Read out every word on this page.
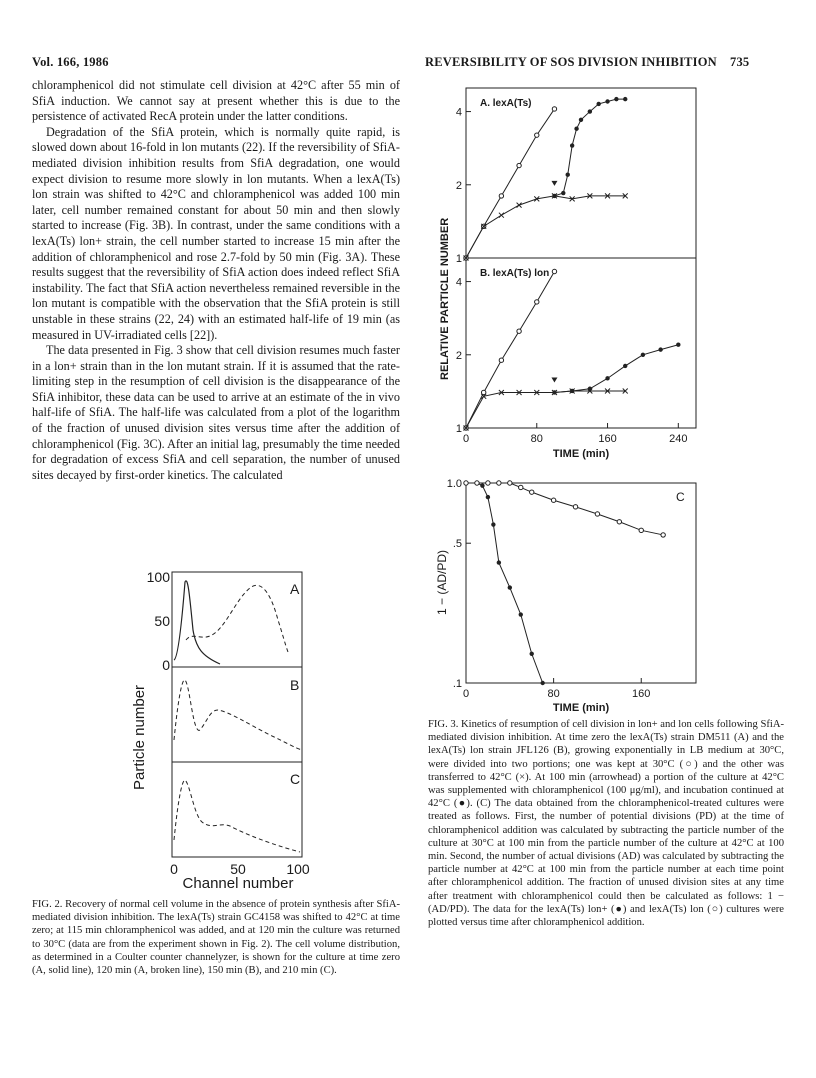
Vol. 166, 1986	REVERSIBILITY OF SOS DIVISION INHIBITION 735

chloramphenicol did not stimulate cell division at 42°C after 55 min of SfiA induction. We cannot say at present whether this is due to the persistence of activated RecA protein under the latter conditions.

Degradation of the SfiA protein, which is normally quite rapid, is slowed down about 16-fold in lon mutants (22). If the reversibility of SfiA-mediated division inhibition results from SfiA degradation, one would expect division to resume more slowly in lon mutants. When a lexA(Ts) lon strain was shifted to 42°C and chloramphenicol was added 100 min later, cell number remained constant for about 50 min and then slowly started to increase (Fig. 3B). In contrast, under the same conditions with a lexA(Ts) lon+ strain, the cell number started to increase 15 min after the addition of chloramphenicol and rose 2.7-fold by 50 min (Fig. 3A). These results suggest that the reversibility of SfiA action does indeed reflect SfiA instability. The fact that SfiA action nevertheless remained reversible in the lon mutant is compatible with the observation that the SfiA protein is still unstable in these strains (22, 24) with an estimated half-life of 19 min (as measured in UV-irradiated cells [22]).

The data presented in Fig. 3 show that cell division resumes much faster in a lon+ strain than in the lon mutant strain. If it is assumed that the rate-limiting step in the resumption of cell division is the disappearance of the SfiA inhibitor, these data can be used to arrive at an estimate of the in vivo half-life of SfiA. The half-life was calculated from a plot of the logarithm of the fraction of unused division sites versus time after the addition of chloramphenicol (Fig. 3C). After an initial lag, presumably the time needed for degradation of excess SfiA and cell separation, the number of unused sites decayed by first-order kinetics. The calculated

Particle number
100
50
0
A
B
C
0	50	100
Channel number
FIG. 2. Recovery of normal cell volume in the absence of protein synthesis after SfiA-mediated division inhibition. The lexA(Ts) strain GC4158 was shifted to 42°C at time zero; at 115 min chloramphenicol was added, and at 120 min the culture was returned to 30°C (data are from the experiment shown in Fig. 2). The cell volume distribution, as determined in a Coulter counter channelyzer, is shown for the culture at time zero (A, solid line), 120 min (A, broken line), 150 min (B), and 210 min (C).
RELATIVE PARTICLE NUMBER
A. lexA(Ts)
B. lexA(Ts) lon
4
2
1
4
2
1
0	80	160	240
TIME (min)
1 − (AD/PD)
C
1.0
.5
.1
0	80	160
TIME (min)
FIG. 3. Kinetics of resumption of cell division in lon+ and lon cells following SfiA-mediated division inhibition. At time zero the lexA(Ts) strain DM511 (A) and the lexA(Ts) lon strain JFL126 (B), growing exponentially in LB medium at 30°C, were divided into two portions; one was kept at 30°C (○) and the other was transferred to 42°C (×). At 100 min (arrowhead) a portion of the culture at 42°C was supplemented with chloramphenicol (100 μg/ml), and incubation continued at 42°C (●). (C) The data obtained from the chloramphenicol-treated cultures were treated as follows. First, the number of potential divisions (PD) at the time of chloramphenicol addition was calculated by subtracting the particle number of the culture at 30°C at 100 min from the particle number of the culture at 42°C at 100 min. Second, the number of actual divisions (AD) was calculated by subtracting the particle number at 42°C at 100 min from the particle number at each time point after chloramphenicol addition. The fraction of unused division sites at any time after treatment with chloramphenicol could then be calculated as follows: 1 − (AD/PD). The data for the lexA(Ts) lon+ (●) and lexA(Ts) lon (○) cultures were plotted versus time after chloramphenicol addition.
